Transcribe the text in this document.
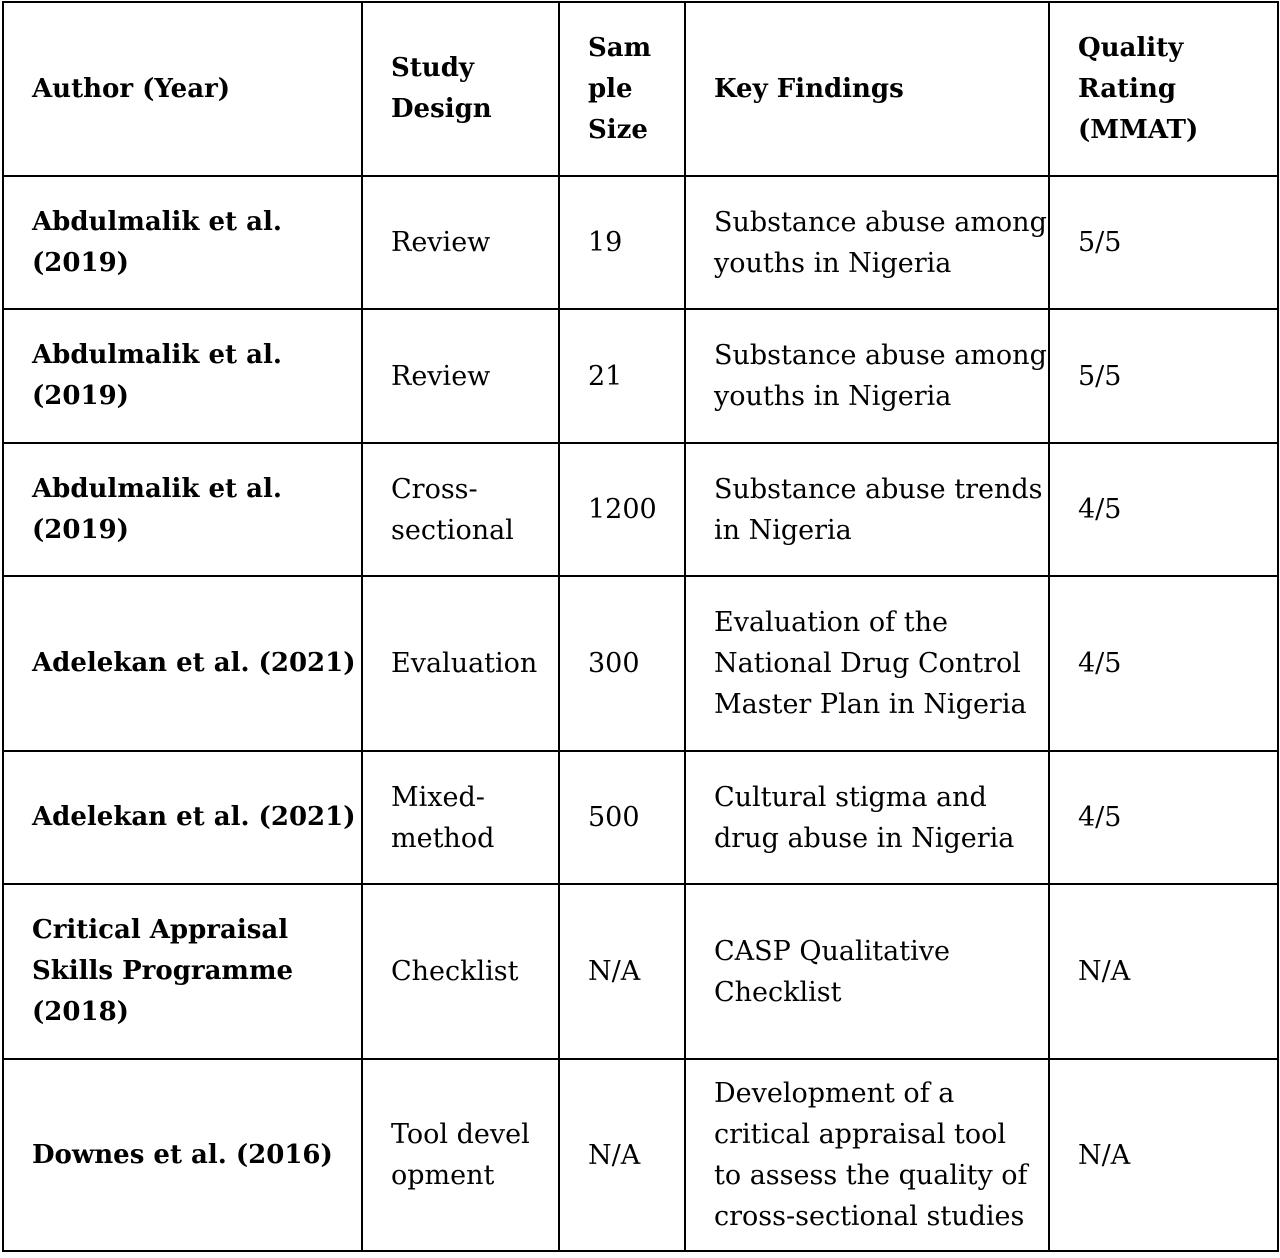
Author (Year)	Study Design	Sample Size	Key Findings	Quality Rating (MMAT)
Abdulmalik et al. (2019)	Review	19	Substance abuse among youths in Nigeria	5/5
Abdulmalik et al. (2019)	Review	21	Substance abuse among youths in Nigeria	5/5
Abdulmalik et al. (2019)	Cross-sectional	1200	Substance abuse trends in Nigeria	4/5
Adelekan et al. (2021)	Evaluation	300	Evaluation of the National Drug Control Master Plan in Nigeria	4/5
Adelekan et al. (2021)	Mixed-method	500	Cultural stigma and drug abuse in Nigeria	4/5
Critical Appraisal Skills Programme (2018)	Checklist	N/A	CASP Qualitative Checklist	N/A
Downes et al. (2016)	Tool development	N/A	Development of a critical appraisal tool to assess the quality of cross-sectional studies	N/A
